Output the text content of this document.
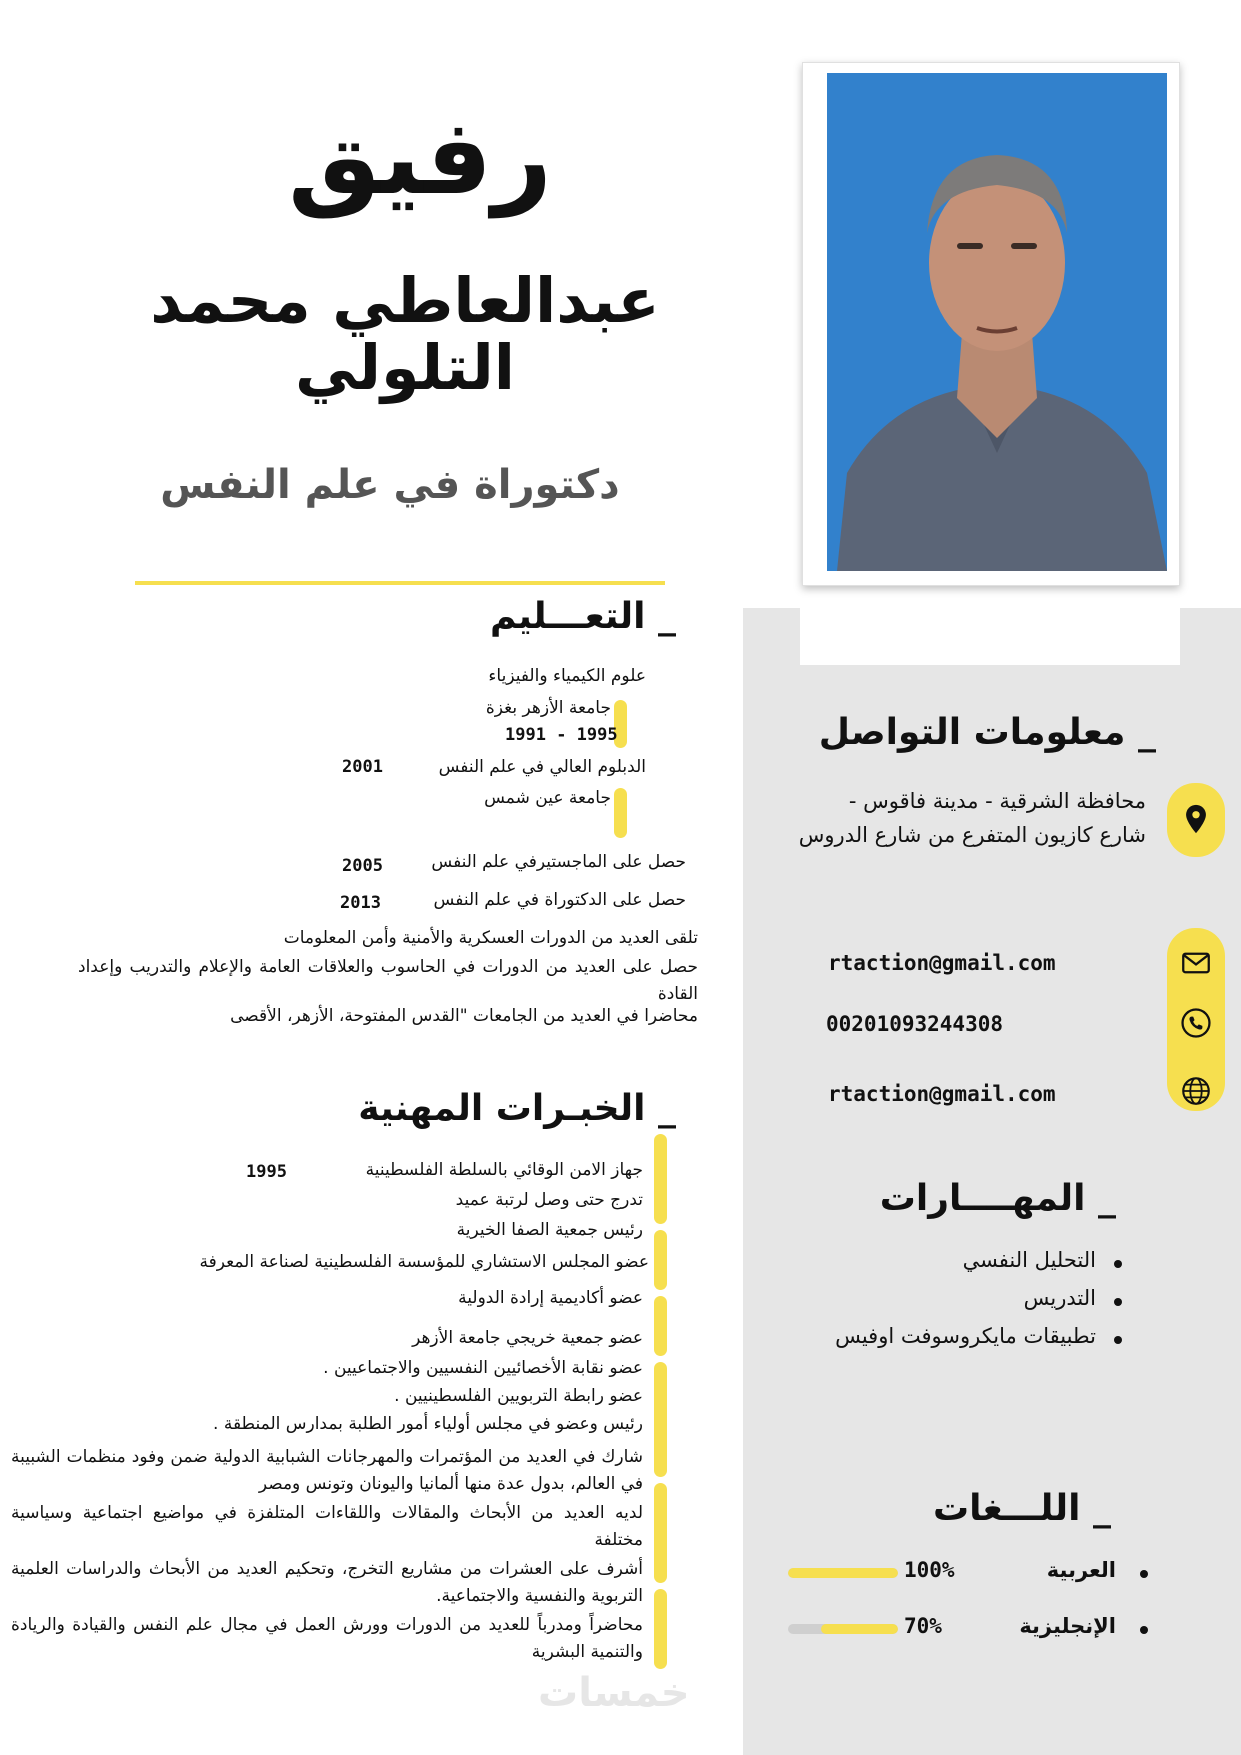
رفيق
عبدالعاطي محمد
التلولي
دكتوراة في علم النفس
_ التعـــليم
علوم الكيمياء والفيزياء
جامعة الأزهر بغزة
1995 - 1991
الدبلوم العالي في علم النفس
2001
جامعة عين شمس
حصل على الماجستيرفي علم النفس
2005
حصل على الدكتوراة في علم النفس
2013
تلقى العديد من الدورات العسكرية والأمنية وأمن المعلومات
حصل على العديد من الدورات في الحاسوب والعلاقات العامة والإعلام والتدريب وإعداد القادة
محاضرا في العديد من الجامعات "القدس المفتوحة، الأزهر، الأقصى
_ الخبـرات المهنية
جهاز الامن الوقائي بالسلطة الفلسطينية
1995
تدرج حتى وصل لرتبة عميد
رئيس جمعية الصفا الخيرية
عضو المجلس الاستشاري للمؤسسة الفلسطينية لصناعة المعرفة
عضو أكاديمية إرادة الدولية
عضو جمعية خريجي جامعة الأزهر
عضو نقابة الأخصائيين النفسيين والاجتماعيين .
عضو رابطة التربويين الفلسطينيين .
رئيس وعضو في مجلس أولياء أمور الطلبة بمدارس المنطقة .
شارك في العديد من المؤتمرات والمهرجانات الشبابية الدولية ضمن وفود منظمات الشبيبة في العالم، بدول عدة منها ألمانيا واليونان وتونس ومصر
لديه العديد من الأبحاث والمقالات واللقاءات المتلفزة في مواضيع اجتماعية وسياسية مختلفة
أشرف على العشرات من مشاريع التخرج، وتحكيم العديد من الأبحاث والدراسات العلمية التربوية والنفسية والاجتماعية.
محاضراً ومدرباً للعديد من الدورات وورش العمل في مجال علم النفس والقيادة والريادة والتنمية البشرية
_ معلومات التواصل
محافظة الشرقية - مدينة فاقوس -
شارع كازيون المتفرع من شارع الدروس
rtaction@gmail.com
00201093244308
rtaction@gmail.com
_ المهــــارات
التحليل النفسي
التدريس
تطبيقات مايكروسوفت اوفيس
_ اللـــغات
العربية
100%
الإنجليزية
70%
خمسات
